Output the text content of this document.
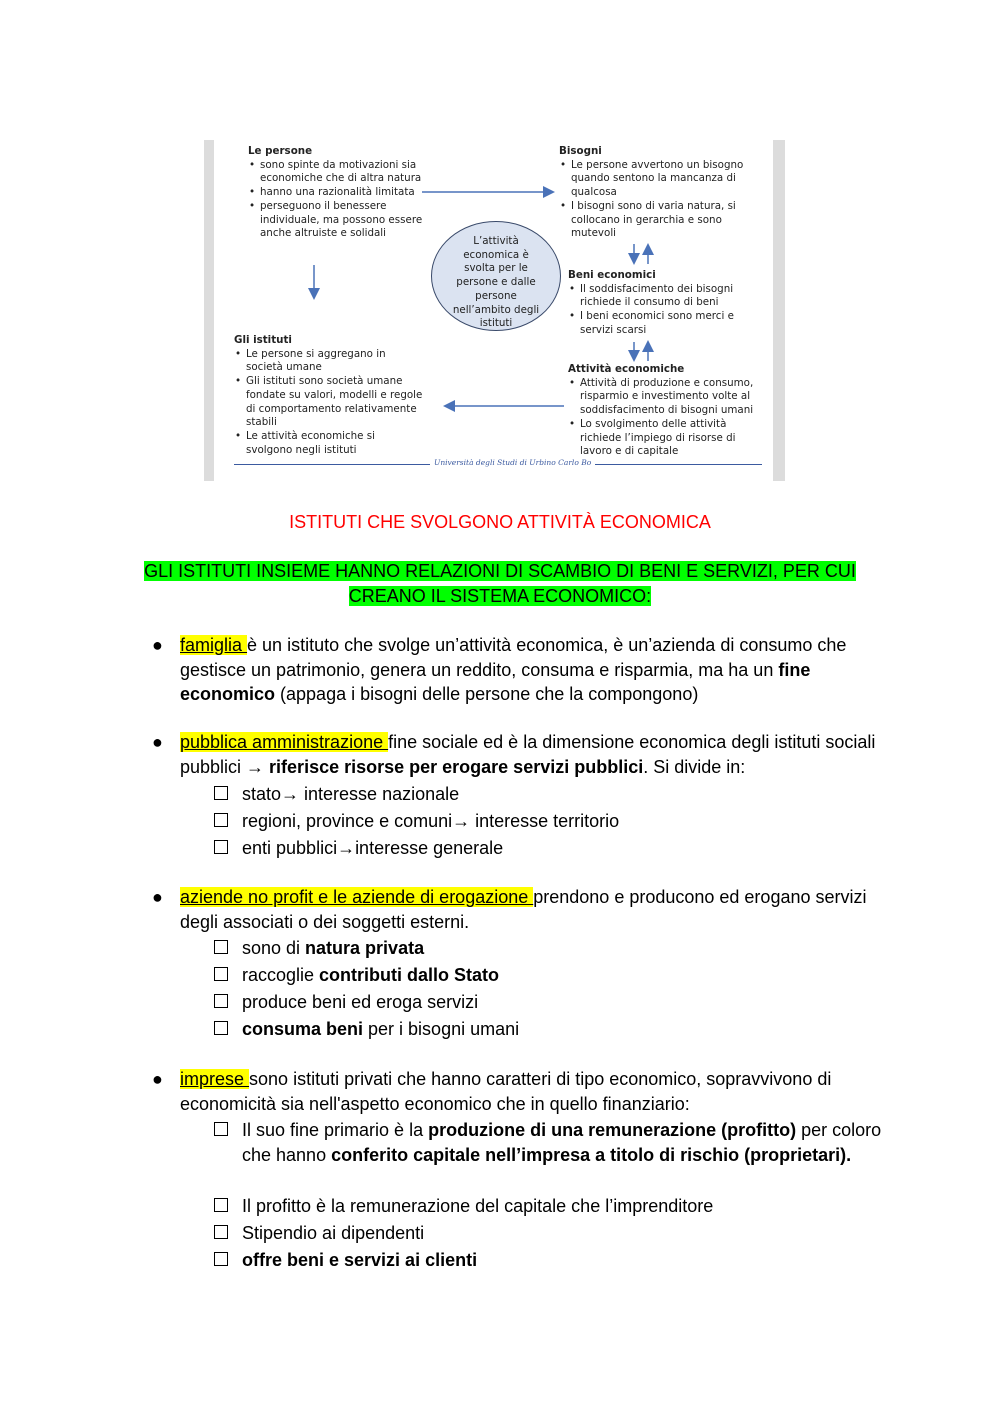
Le persone
• sono spinte da motivazioni sia economiche che di altra natura
• hanno una razionalità limitata
• perseguono il benessere individuale, ma possono essere anche altruiste e solidali
Bisogni
• Le persone avvertono un bisogno quando sentono la mancanza di qualcosa
• I bisogni sono di varia natura, si collocano in gerarchia e sono mutevoli
Beni economici
• Il soddisfacimento dei bisogni richiede il consumo di beni
• I beni economici sono merci e servizi scarsi
Attività economiche
• Attività di produzione e consumo, risparmio e investimento volte al soddisfacimento di bisogni umani
• Lo svolgimento delle attività richiede l’impiego di risorse di lavoro e di capitale
Gli istituti
• Le persone si aggregano in società umane
• Gli istituti sono società umane fondate su valori, modelli e regole di comportamento relativamente stabili
• Le attività economiche si svolgono negli istituti
L’attività economica è svolta per le persone e dalle persone nell’ambito degli istituti
Università degli Studi di Urbino Carlo Bo
ISTITUTI CHE SVOLGONO ATTIVITÀ ECONOMICA
GLI ISTITUTI INSIEME HANNO RELAZIONI DI SCAMBIO DI BENI E SERVIZI, PER CUI
CREANO IL SISTEMA ECONOMICO:
● famiglia è un istituto che svolge un’attività economica, è un’azienda di consumo che gestisce un patrimonio, genera un reddito, consuma e risparmia, ma ha un fine economico (appaga i bisogni delle persone che la compongono)
● pubblica amministrazione fine sociale ed è la dimensione economica degli istituti sociali pubblici → riferisce risorse per erogare servizi pubblici. Si divide in:
stato→ interesse nazionale
regioni, province e comuni→ interesse territorio
enti pubblici→interesse generale
● aziende no profit e le aziende di erogazione prendono e producono ed erogano servizi degli associati o dei soggetti esterni.
sono di natura privata
raccoglie contributi dallo Stato
produce beni ed eroga servizi
consuma beni per i bisogni umani
● imprese sono istituti privati che hanno caratteri di tipo economico, sopravvivono di economicità sia nell'aspetto economico che in quello finanziario:
Il suo fine primario è la produzione di una remunerazione (profitto) per coloro che hanno conferito capitale nell’impresa a titolo di rischio (proprietari).
Il profitto è la remunerazione del capitale che l’imprenditore
Stipendio ai dipendenti
offre beni e servizi ai clienti
